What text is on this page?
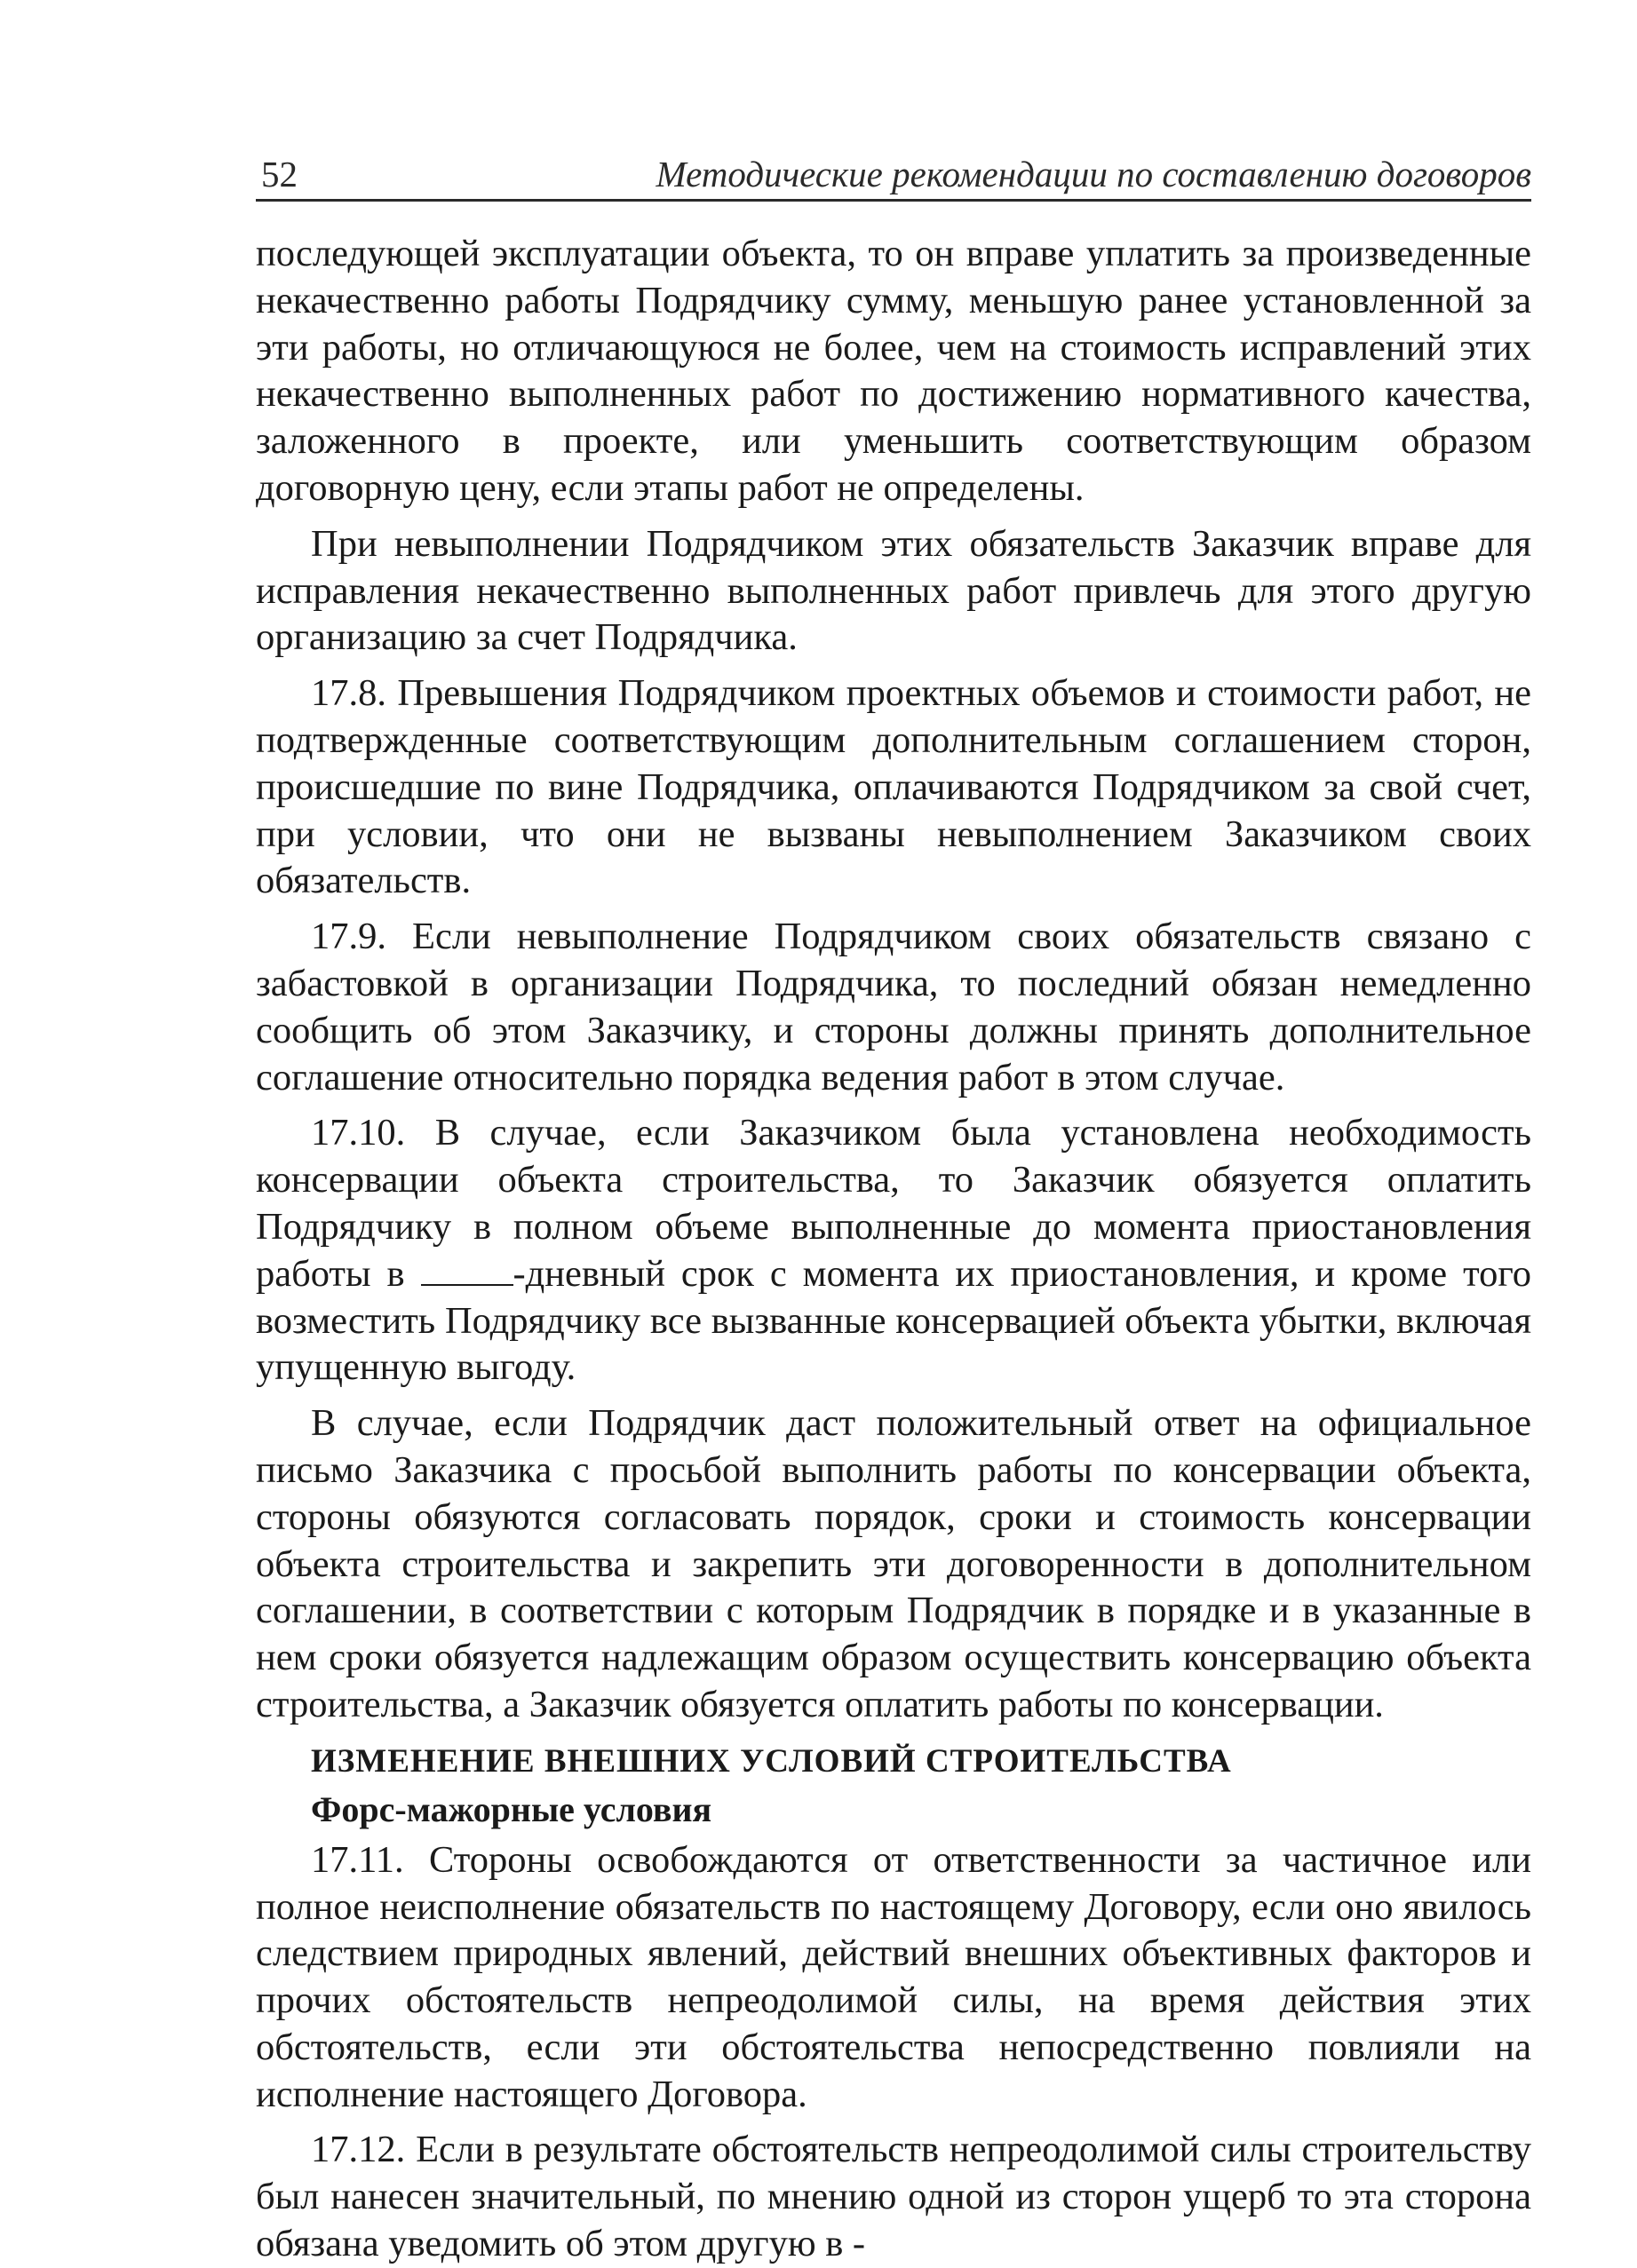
52	Методические рекомендации по составлению договоров

последующей эксплуатации объекта, то он вправе уплатить за произведенные некачественно работы Подрядчику сумму, меньшую ранее установленной за эти работы, но отличающуюся не более, чем на стоимость исправлений этих некачественно выполненных работ по достижению нормативного качества, заложенного в проекте, или уменьшить соответствующим образом договорную цену, если этапы работ не определены.

При невыполнении Подрядчиком этих обязательств Заказчик вправе для исправления некачественно выполненных работ привлечь для этого другую организацию за счет Подрядчика.

17.8. Превышения Подрядчиком проектных объемов и стоимости работ, не подтвержденные соответствующим дополнительным соглашением сторон, происшедшие по вине Подрядчика, оплачиваются Подрядчиком за свой счет, при условии, что они не вызваны невыполнением Заказчиком своих обязательств.

17.9. Если невыполнение Подрядчиком своих обязательств связано с забастовкой в организации Подрядчика, то последний обязан немедленно сообщить об этом Заказчику, и стороны должны принять дополнительное соглашение относительно порядка ведения работ в этом случае.

17.10. В случае, если Заказчиком была установлена необходимость консервации объекта строительства, то Заказчик обязуется оплатить Подрядчику в полном объеме выполненные до момента приостановления работы в -дневный срок с момента их приостановления, и кроме того возместить Подрядчику все вызванные консервацией объекта убытки, включая упущенную выгоду.

В случае, если Подрядчик даст положительный ответ на официальное письмо Заказчика с просьбой выполнить работы по консервации объекта, стороны обязуются согласовать порядок, сроки и стоимость консервации объекта строительства и закрепить эти договоренности в дополнительном соглашении, в соответствии с которым Подрядчик в порядке и в указанные в нем сроки обязуется надлежащим образом осуществить консервацию объекта строительства, а Заказчик обязуется оплатить работы по консервации.

ИЗМЕНЕНИЕ ВНЕШНИХ УСЛОВИЙ СТРОИТЕЛЬСТВА
Форс-мажорные условия

17.11. Стороны освобождаются от ответственности за частичное или полное неисполнение обязательств по настоящему Договору, если оно явилось следствием природных явлений, действий внешних объективных факторов и прочих обстоятельств непреодолимой силы, на время действия этих обстоятельств, если эти обстоятельства непосредственно повлияли на исполнение настоящего Договора.

17.12. Если в результате обстоятельств непреодолимой силы строительству был нанесен значительный, по мнению одной из сторон ущерб то эта сторона обязана уведомить об этом другую в -
